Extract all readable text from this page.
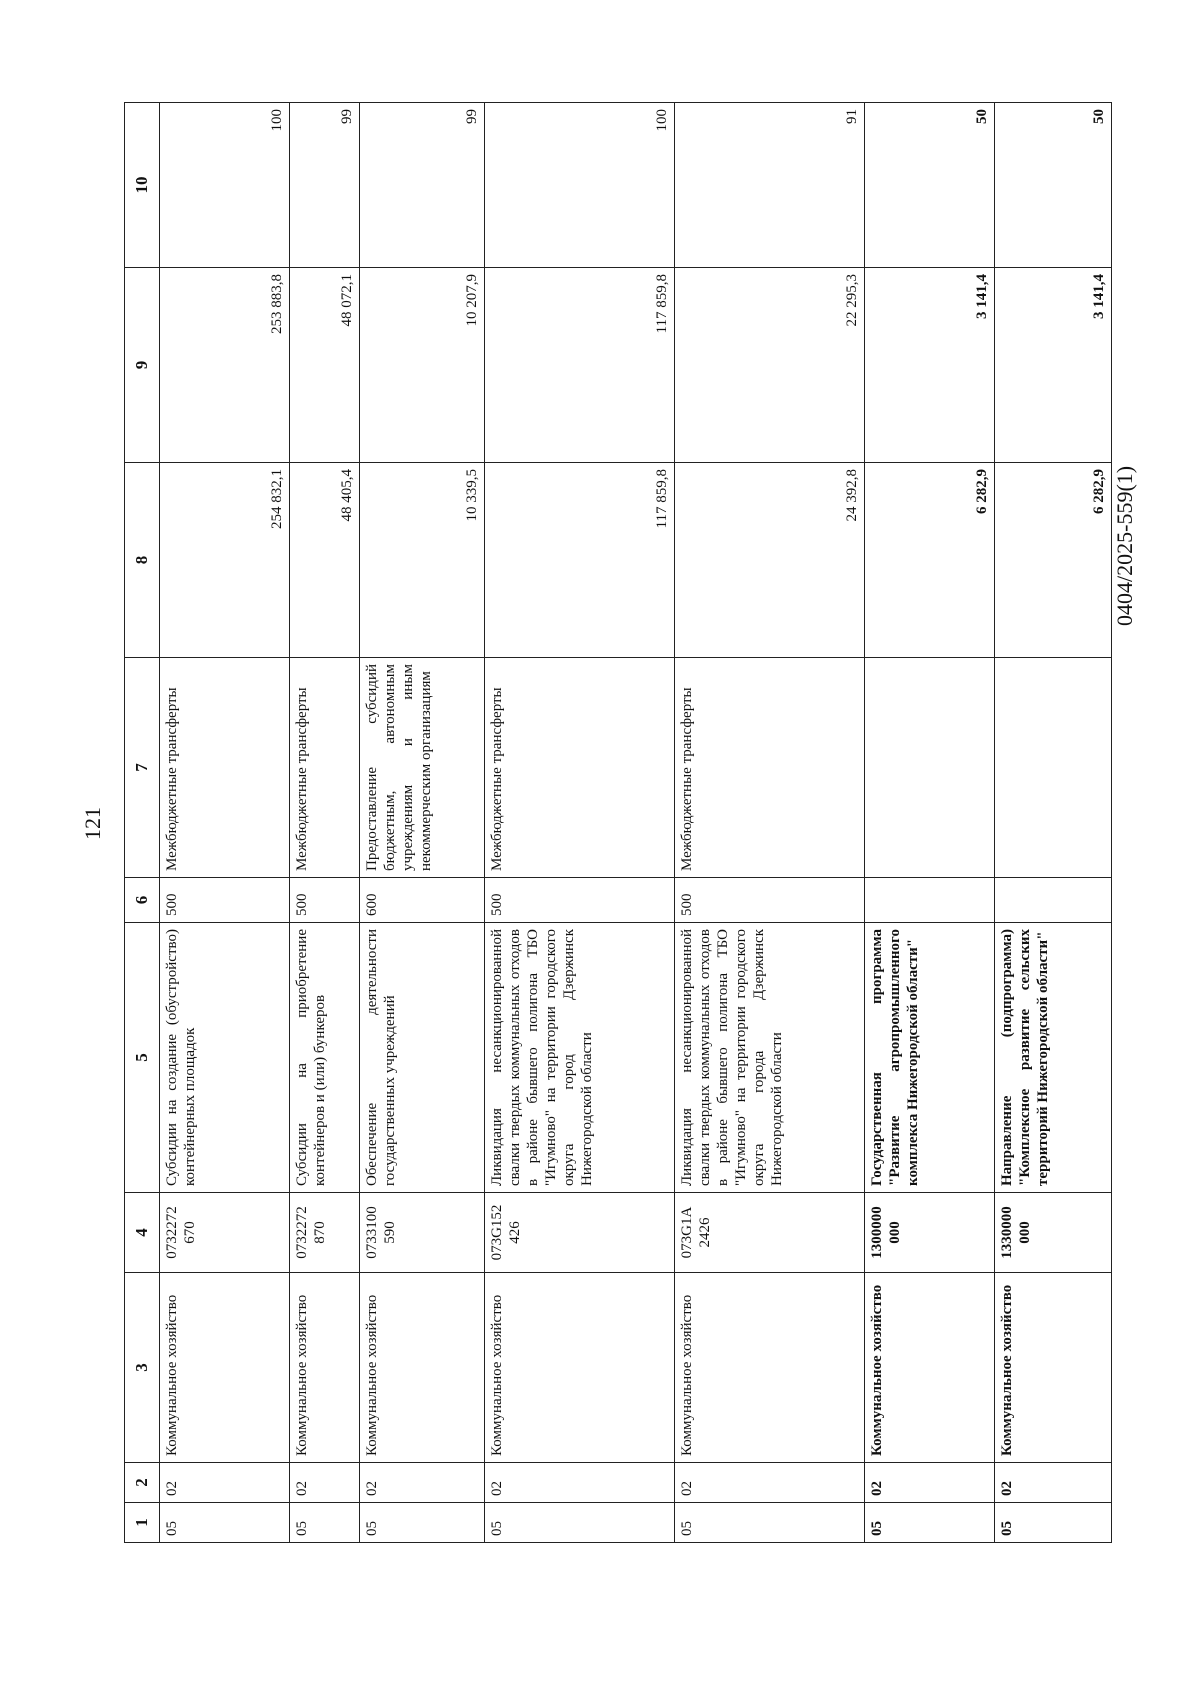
121
0404/2025-559(1)
1	2	3	4	5	6	7	8	9	10
05	02	Коммунальное хозяйство	0732272 670	Субсидии на создание (обустройство) контейнерных площадок	500	Межбюджетные трансферты	254 832,1	253 883,8	100
05	02	Коммунальное хозяйство	0732272 870	Субсидии на приобретение контейнеров и (или) бункеров	500	Межбюджетные трансферты	48 405,4	48 072,1	99
05	02	Коммунальное хозяйство	0733100 590	Обеспечение деятельности государственных учреждений	600	Предоставление субсидий бюджетным, автономным учреждениям и иным некоммерческим организациям	10 339,5	10 207,9	99
05	02	Коммунальное хозяйство	073G152 426	Ликвидация несанкционированной свалки твердых коммунальных отходов в районе бывшего полигона ТБО "Игумново" на территории городского округа город Дзержинск Нижегородской области	500	Межбюджетные трансферты	117 859,8	117 859,8	100
05	02	Коммунальное хозяйство	073G1A 2426	Ликвидация несанкционированной свалки твердых коммунальных отходов в районе бывшего полигона ТБО "Игумново" на территории городского округа города Дзержинск Нижегородской области	500	Межбюджетные трансферты	24 392,8	22 295,3	91
05	02	Коммунальное хозяйство	1300000 000	Государственная программа "Развитие агропромышленного комплекса Нижегородской области"			6 282,9	3 141,4	50
05	02	Коммунальное хозяйство	1330000 000	Направление (подпрограмма) "Комплексное развитие сельских территорий Нижегородской области"			6 282,9	3 141,4	50
